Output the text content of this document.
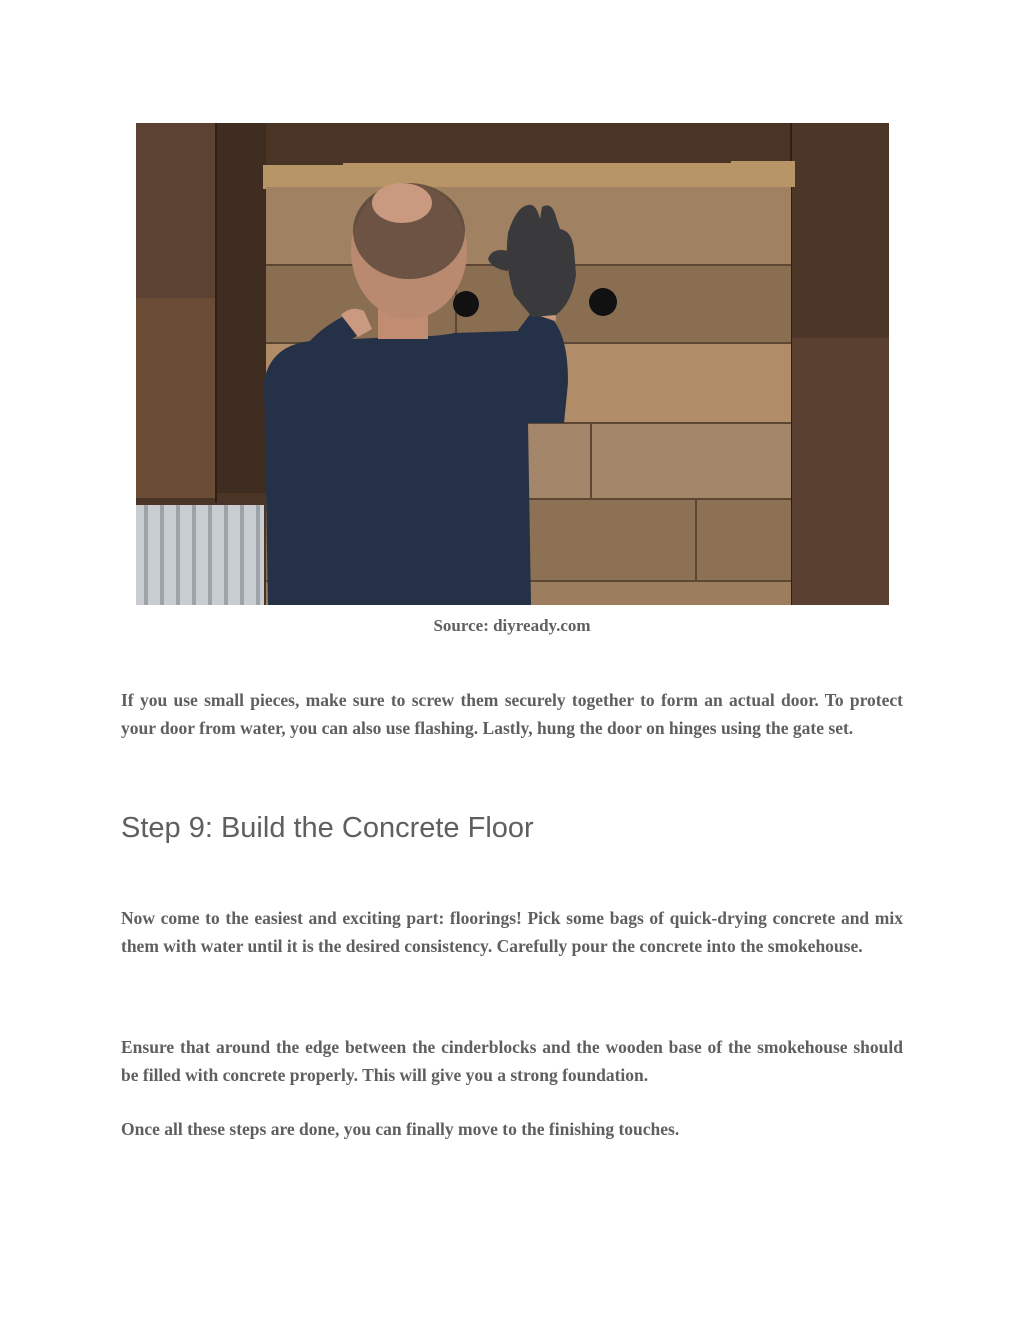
Source: diyready.com

If you use small pieces, make sure to screw them securely together to form an actual door. To protect your door from water, you can also use flashing. Lastly, hung the door on hinges using the gate set.

Step 9: Build the Concrete Floor

Now come to the easiest and exciting part: floorings! Pick some bags of quick-drying concrete and mix them with water until it is the desired consistency. Carefully pour the concrete into the smokehouse.

Ensure that around the edge between the cinderblocks and the wooden base of the smokehouse should be filled with concrete properly. This will give you a strong foundation.

Once all these steps are done, you can finally move to the finishing touches.
